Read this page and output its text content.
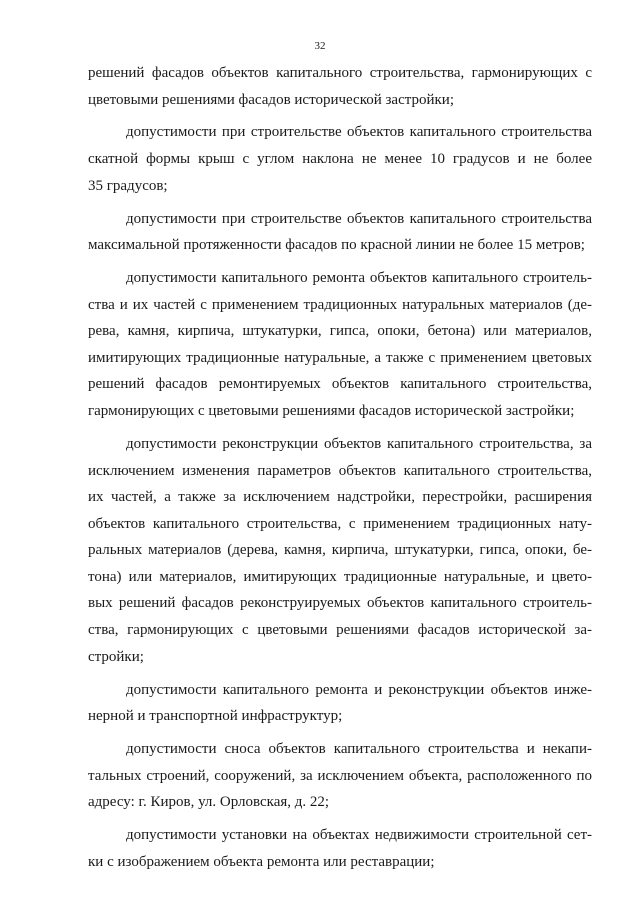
32
решений фасадов объектов капитального строительства, гармонирующих с
цветовыми решениями фасадов исторической застройки;
допустимости при строительстве объектов капитального строительства
скатной формы крыш с углом наклона не менее 10 градусов и не более
35 градусов;
допустимости при строительстве объектов капитального строительства
максимальной протяженности фасадов по красной линии не более 15 метров;
допустимости капитального ремонта объектов капитального строитель-
ства и их частей с применением традиционных натуральных материалов (де-
рева, камня, кирпича, штукатурки, гипса, опоки, бетона) или материалов,
имитирующих традиционные натуральные, а также с применением цветовых
решений фасадов ремонтируемых объектов капитального строительства,
гармонирующих с цветовыми решениями фасадов исторической застройки;
допустимости реконструкции объектов капитального строительства, за
исключением изменения параметров объектов капитального строительства,
их частей, а также за исключением надстройки, перестройки, расширения
объектов капитального строительства, с применением традиционных нату-
ральных материалов (дерева, камня, кирпича, штукатурки, гипса, опоки, бе-
тона) или материалов, имитирующих традиционные натуральные, и цвето-
вых решений фасадов реконструируемых объектов капитального строитель-
ства, гармонирующих с цветовыми решениями фасадов исторической за-
стройки;
допустимости капитального ремонта и реконструкции объектов инже-
нерной и транспортной инфраструктур;
допустимости сноса объектов капитального строительства и некапи-
тальных строений, сооружений, за исключением объекта, расположенного по
адресу: г. Киров, ул. Орловская, д. 22;
допустимости установки на объектах недвижимости строительной сет-
ки с изображением объекта ремонта или реставрации;
